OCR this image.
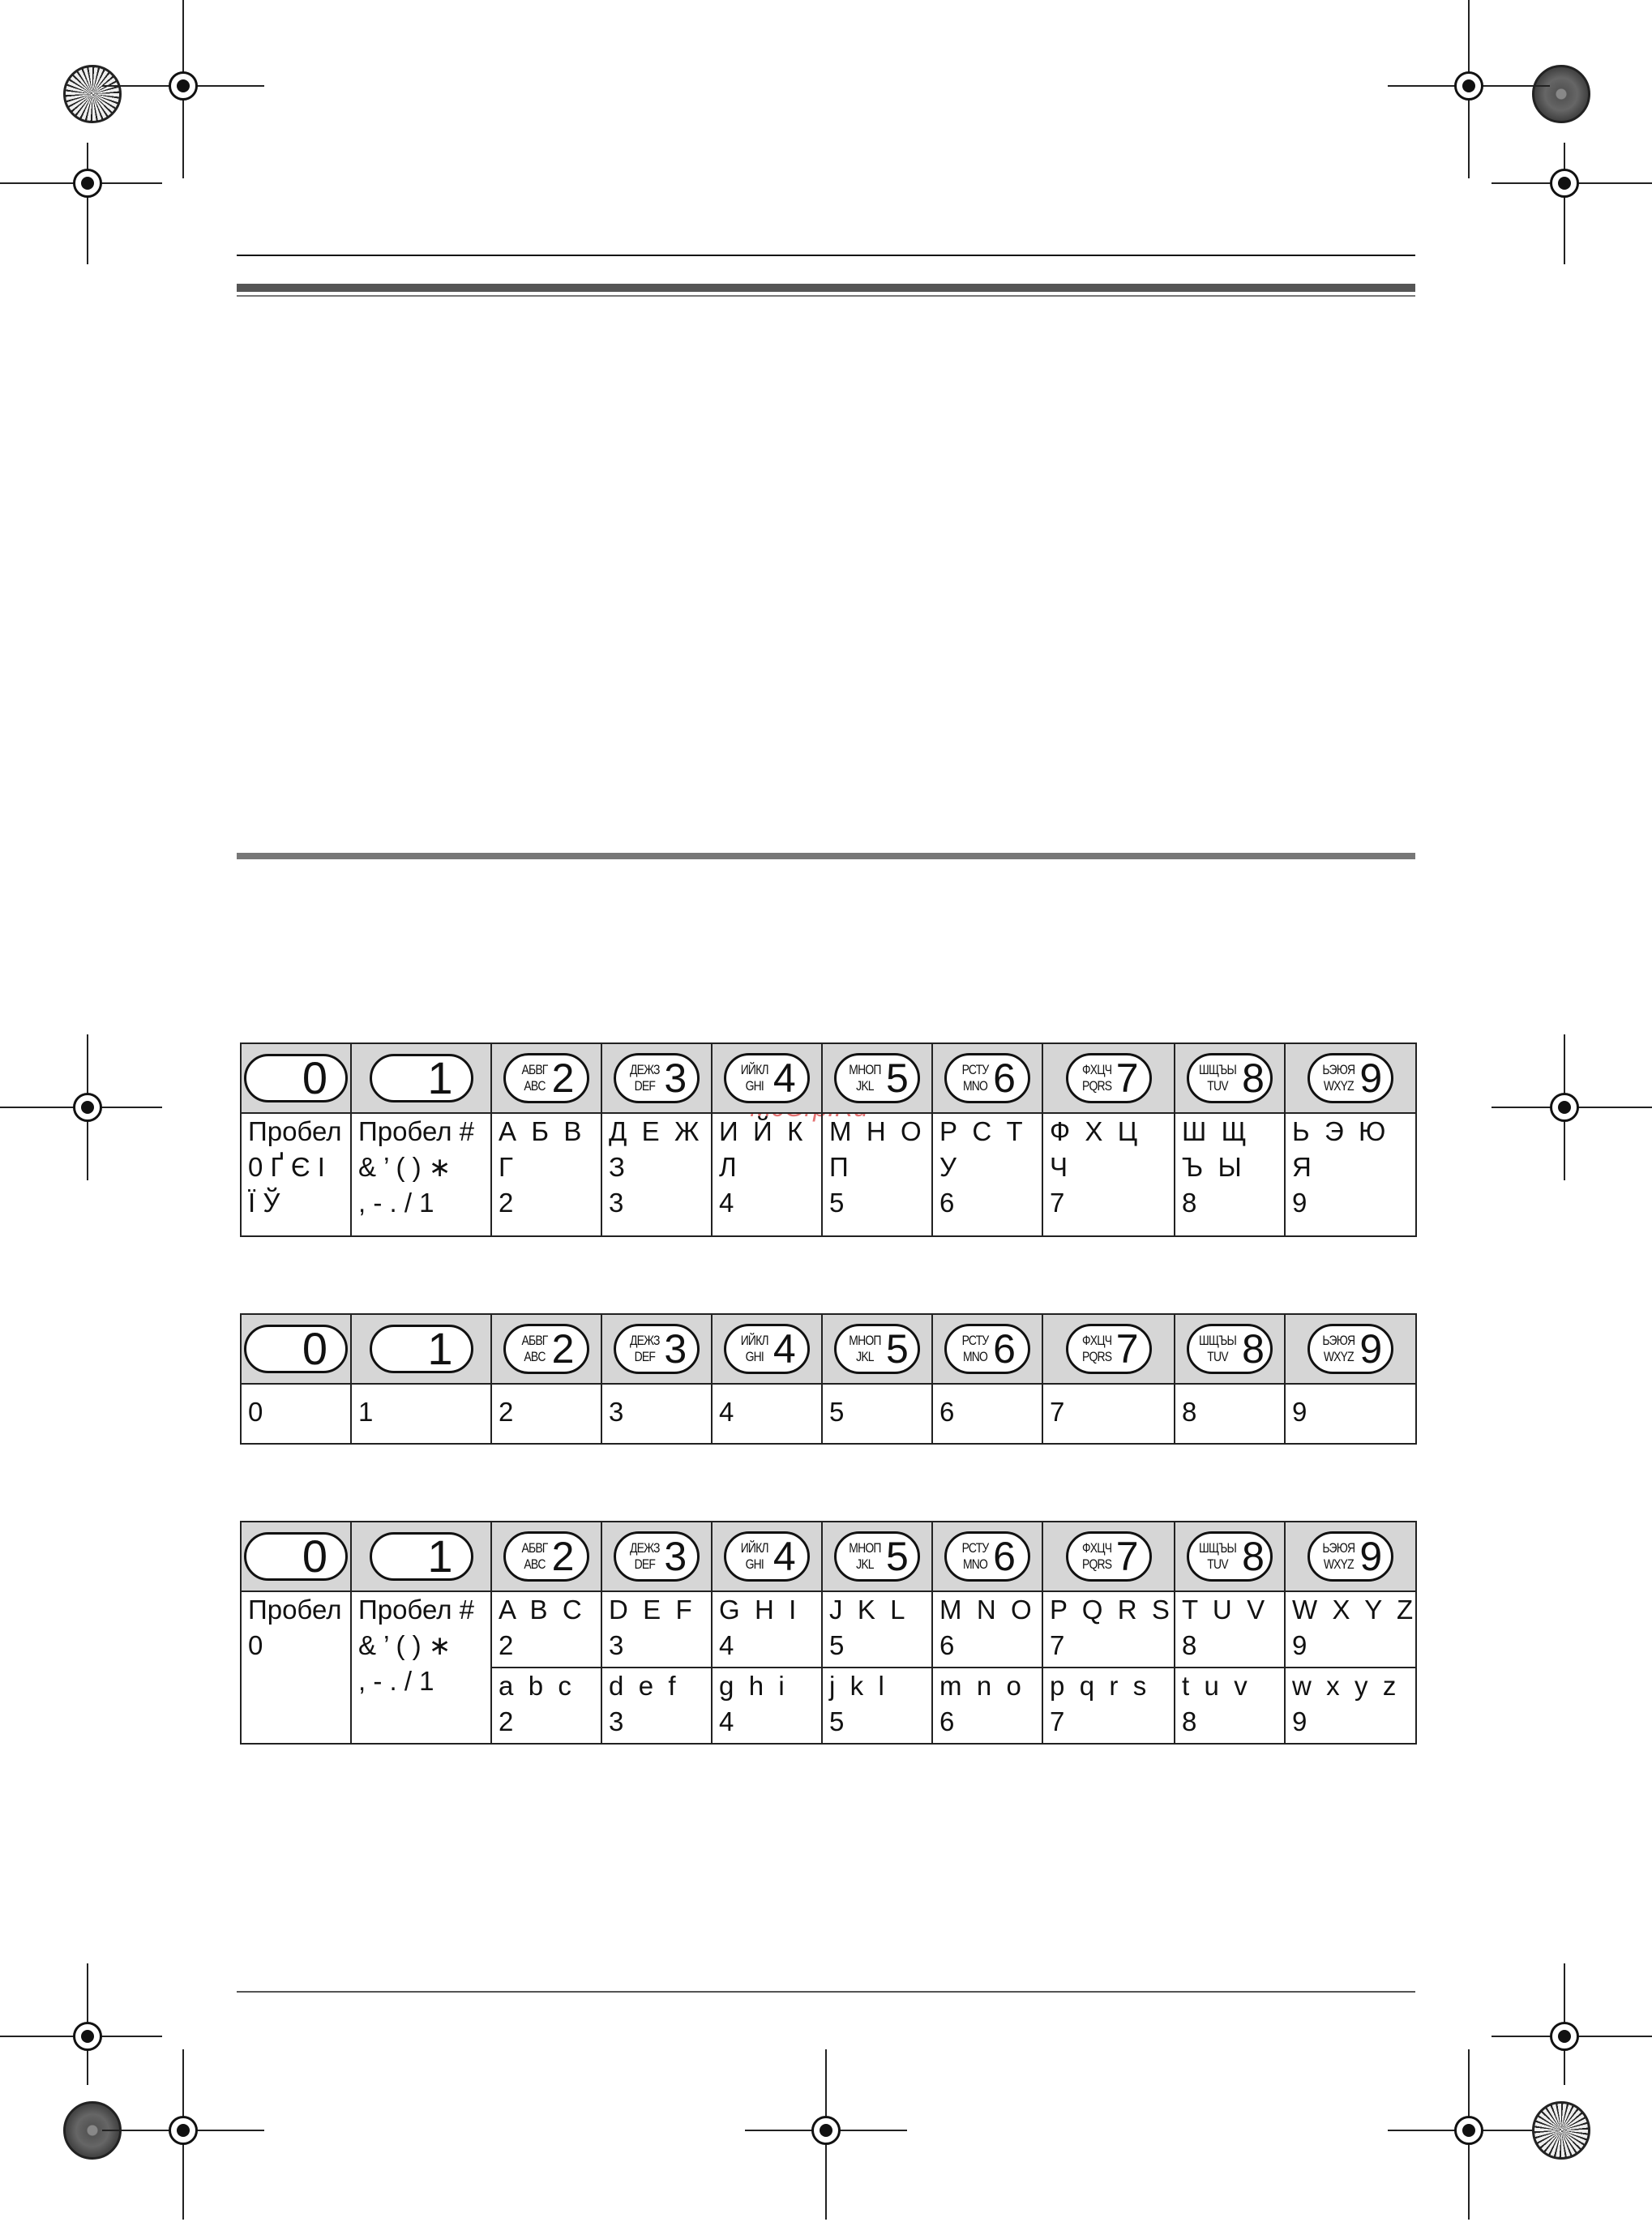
0	1	АБВГ
ABC 2	ДЕЖЗ
DEF 3	ИЙКЛ
GHI 4	МНОП
JKL 5	РСТУ
MNO 6	ФХЦЧ
PQRS 7	ШЩЪЫ
TUV 8	ЬЭЮЯ
WXYZ 9

Пробел
0 Ґ Є І
Ї Ў	Пробел #
& ’ ( ) ∗
, - . / 1	А  Б  В
Г
2	Д  Е  Ж
З
3	И  Й  К
Л
4	М  Н  О
П
5	Р  С  Т
У
6	Ф  Х  Ц
Ч
7	Ш  Щ
Ъ  Ы
8	Ь  Э  Ю
Я
9
0	1	АБВГ
ABC 2	ДЕЖЗ
DEF 3	ИЙКЛ
GHI 4	МНОП
JKL 5	РСТУ
MNO 6	ФХЦЧ
PQRS 7	ШЩЪЫ
TUV 8	ЬЭЮЯ
WXYZ 9

0	1	2	3	4	5	6	7	8	9
0	1	АБВГ
ABC 2	ДЕЖЗ
DEF 3	ИЙКЛ
GHI 4	МНОП
JKL 5	РСТУ
MNO 6	ФХЦЧ
PQRS 7	ШЩЪЫ
TUV 8	ЬЭЮЯ
WXYZ 9

Пробел
0	Пробел #
& ’ ( ) ∗
, - . / 1	A  B  C
2	D  E  F
3	G  H  I
4	J  K  L
5	M  N  O
6	P  Q  R  S
7	T  U  V
8	W  X  Y  Z
9
		a  b  c
2	d  e  f
3	g  h  i
4	j  k  l
5	m  n  o
6	p  q  r  s
7	t  u  v
8	w  x  y  z
9
